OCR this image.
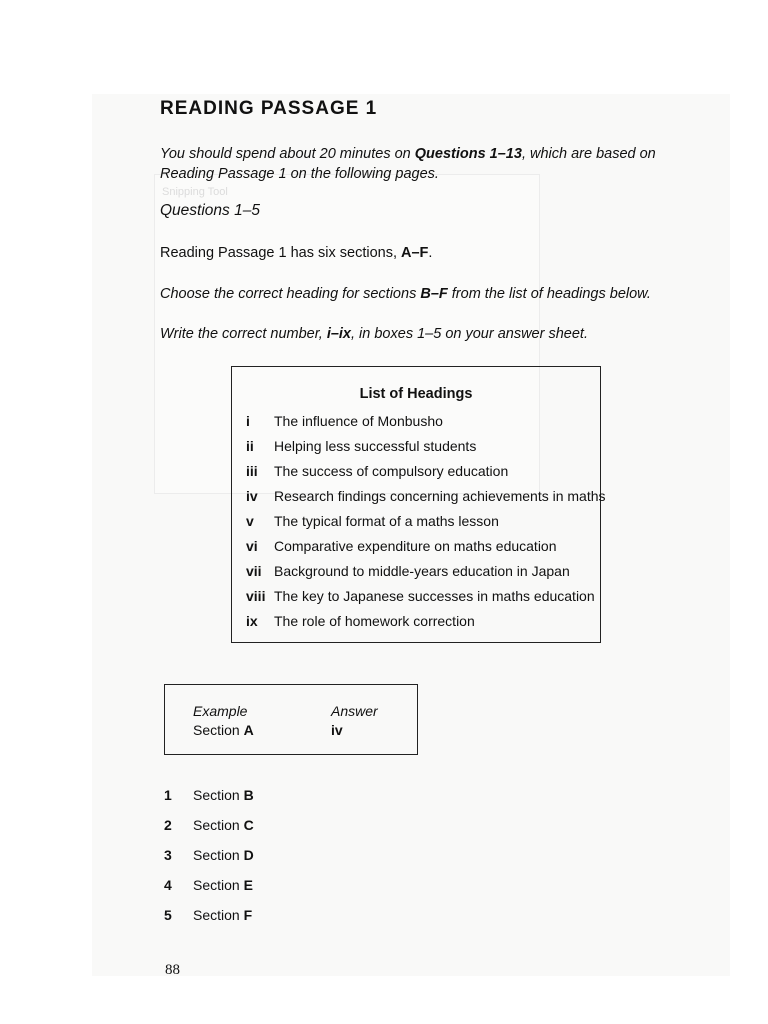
Snipping Tool
READING PASSAGE 1
You should spend about 20 minutes on Questions 1–13, which are based on Reading Passage 1 on the following pages.
Questions 1–5
Reading Passage 1 has six sections, A–F.
Choose the correct heading for sections B–F from the list of headings below.
Write the correct number, i–ix, in boxes 1–5 on your answer sheet.
List of Headings
i The influence of Monbusho
ii Helping less successful students
iii The success of compulsory education
iv Research findings concerning achievements in maths
v The typical format of a maths lesson
vi Comparative expenditure on maths education
vii Background to middle-years education in Japan
viii The key to Japanese successes in maths education
ix The role of homework correction
Example	Answer
Section A	iv
1 Section B
2 Section C
3 Section D
4 Section E
5 Section F
88
